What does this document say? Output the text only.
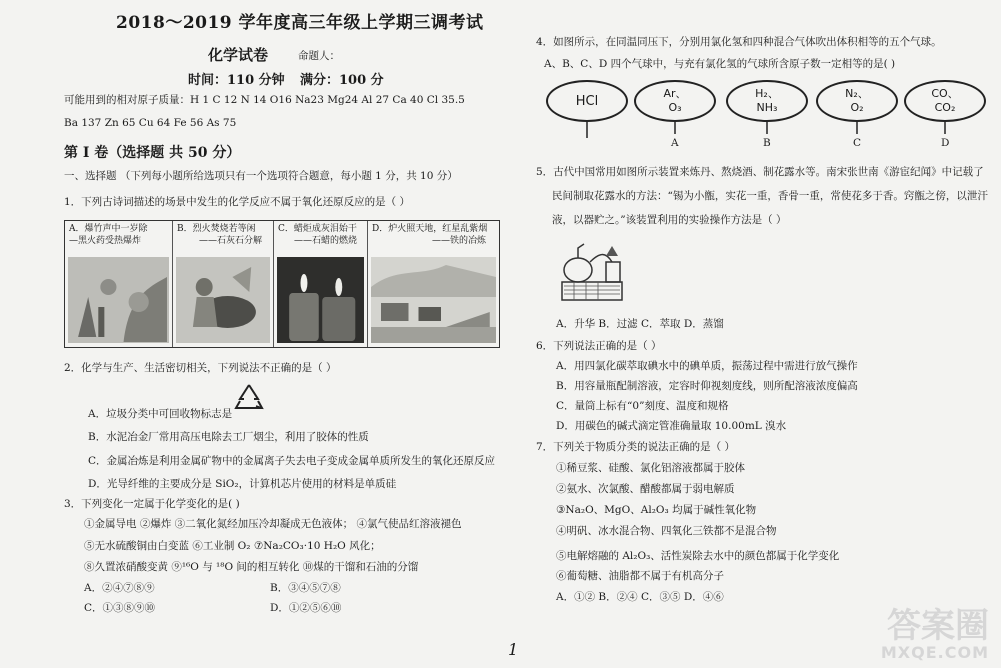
2018～2019 学年度高三年级上学期三调考试
化学试卷	命题人：
时间：110 分钟 满分：100 分
可能用到的相对原子质量：H 1 C 12 N 14 O16 Na23 Mg24 Al 27 Ca 40 Cl 35.5
Ba 137 Zn 65 Cu 64 Fe 56 As 75
第 I 卷（选择题 共 50 分）
一、选择题 （下列每小题所给选项只有一个选项符合题意，每小题 1 分，共 10 分）
1．下列古诗词描述的场景中发生的化学反应不属于氧化还原反应的是（ ）
A．爆竹声中一岁除
—黑火药受热爆炸
B．烈火焚烧若等闲
——石灰石分解
C．蜡炬成灰泪始干
——石蜡的燃烧
D．炉火照天地，红星乱紫烟
——铁的冶炼
2．化学与生产、生活密切相关，下列说法不正确的是（ ）
A．垃圾分类中可回收物标志是
B．水泥冶金厂常用高压电除去工厂烟尘，利用了胶体的性质
C．金属冶炼是利用金属矿物中的金属离子失去电子变成金属单质所发生的氧化还原反应
D．光导纤维的主要成分是 SiO₂，计算机芯片使用的材料是单质硅
3．下列变化一定属于化学变化的是( )
①金属导电 ②爆炸 ③二氧化氮经加压冷却凝成无色液体； ④氯气使品红溶液褪色
⑤无水硫酸铜由白变蓝 ⑥工业制 O₂ ⑦Na₂CO₃·10 H₂O 风化；
⑧久置浓硝酸变黄 ⑨¹⁶O 与 ¹⁸O 间的相互转化 ⑩煤的干馏和石油的分馏
A．②④⑦⑧⑨	B．③④⑤⑦⑧
C．①③⑧⑨⑩	D．①②⑤⑥⑩
4．如图所示，在同温同压下，分别用氯化氢和四种混合气体吹出体积相等的五个气球。
A、B、C、D 四个气球中，与充有氯化氢的气球所含原子数一定相等的是( )
HCl
Ar、
O₃
H₂、
NH₃
N₂、
O₂
CO、
CO₂
A	B	C	D
5．古代中国常用如图所示装置来炼丹、熬烧酒、制花露水等。南宋张世南《游宦纪闻》中记载了
民间制取花露水的方法：“锡为小甑，实花一重，香骨一重，常使花多于香。窍甑之傍，以泄汗
液，以器贮之。”该装置利用的实验操作方法是（ ）
A．升华 B．过滤 C．萃取 D．蒸馏
6．下列说法正确的是（ ）
A．用四氯化碳萃取碘水中的碘单质，振荡过程中需进行放气操作
B．用容量瓶配制溶液，定容时仰视刻度线，则所配溶液浓度偏高
C．量筒上标有“0”刻度、温度和规格
D．用碳色的碱式滴定管准确量取 10.00mL 溴水
7．下列关于物质分类的说法正确的是（ ）
①稀豆浆、硅酸、氯化铝溶液都属于胶体
②氨水、次氯酸、醋酸都属于弱电解质
③Na₂O、MgO、Al₂O₃ 均属于碱性氧化物
④明矾、冰水混合物、四氧化三铁都不是混合物
⑤电解熔融的 Al₂O₃、活性炭除去水中的颜色都属于化学变化
⑥葡萄糖、油脂都不属于有机高分子
A．①② B．②④ C．③⑤ D．④⑥
1
答案圈
MXQE.COM
